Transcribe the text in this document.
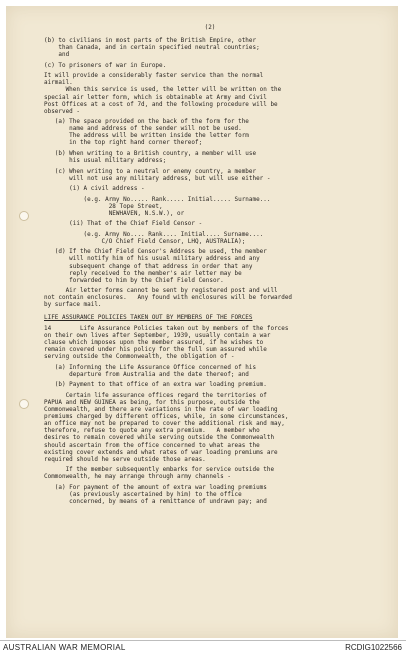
(2)
(b) to civilians in most parts of the British Empire, other
than Canada, and in certain specified neutral countries;
and
(c) To prisoners of war in Europe.
It will provide a considerably faster service than the normal
airmail.
When this service is used, the letter will be written on the
special air letter form, which is obtainable at Army and Civil
Post Offices at a cost of 7d, and the following procedure will be
observed -
(a) The space provided on the back of the form for the
name and address of the sender will not be used.
The address will be written inside the letter form
in the top right hand corner thereof;
(b) When writing to a British country, a member will use
his usual military address;
(c) When writing to a neutral or enemy country, a member
will not use any military address, but will use either -
(i) A civil address -
(e.g. Army No..... Rank..... Initial..... Surname...
28 Tope Street,
NEWHAVEN, N.S.W.), or
(ii) That of the Chief Field Censor -
(e.g. Army No.... Rank.... Initial.... Surname....
C/O Chief Field Censor, LHQ, AUSTRALIA);
(d) If the Chief Field Censor's Address be used, the member
will notify him of his usual military address and any
subsequent change of that address in order that any
reply received to the member's air letter may be
forwarded to him by the Chief Field Censor.
Air letter forms cannot be sent by registered post and will
not contain enclosures.   Any found with enclosures will be forwarded
by surface mail.
LIFE ASSURANCE POLICIES TAKEN OUT BY MEMBERS OF THE FORCES
14        Life Assurance Policies taken out by members of the forces
on their own lives after September, 1939, usually contain a war
clause which imposes upon the member assured, if he wishes to
remain covered under his policy for the full sum assured while
serving outside the Commonwealth, the obligation of -
(a) Informing the Life Assurance Office concerned of his
departure from Australia and the date thereof; and
(b) Payment to that office of an extra war loading premium.
Certain life assurance offices regard the territories of
PAPUA and NEW GUINEA as being, for this purpose, outside the
Commonwealth, and there are variations in the rate of war loading
premiums charged by different offices, while, in some circumstances,
an office may not be prepared to cover the additional risk and may,
therefore, refuse to quote any extra premium.   A member who
desires to remain covered while serving outside the Commonwealth
should ascertain from the office concerned to what areas the
existing cover extends and what rates of war loading premiums are
required should he serve outside those areas.
If the member subsequently embarks for service outside the
Commonwealth, he may arrange through army channels -
(a) For payment of the amount of extra war loading premiums
(as previously ascertained by him) to the office
concerned, by means of a remittance of undrawn pay; and
AUSTRALIAN WAR MEMORIAL	RCDIG1022566
